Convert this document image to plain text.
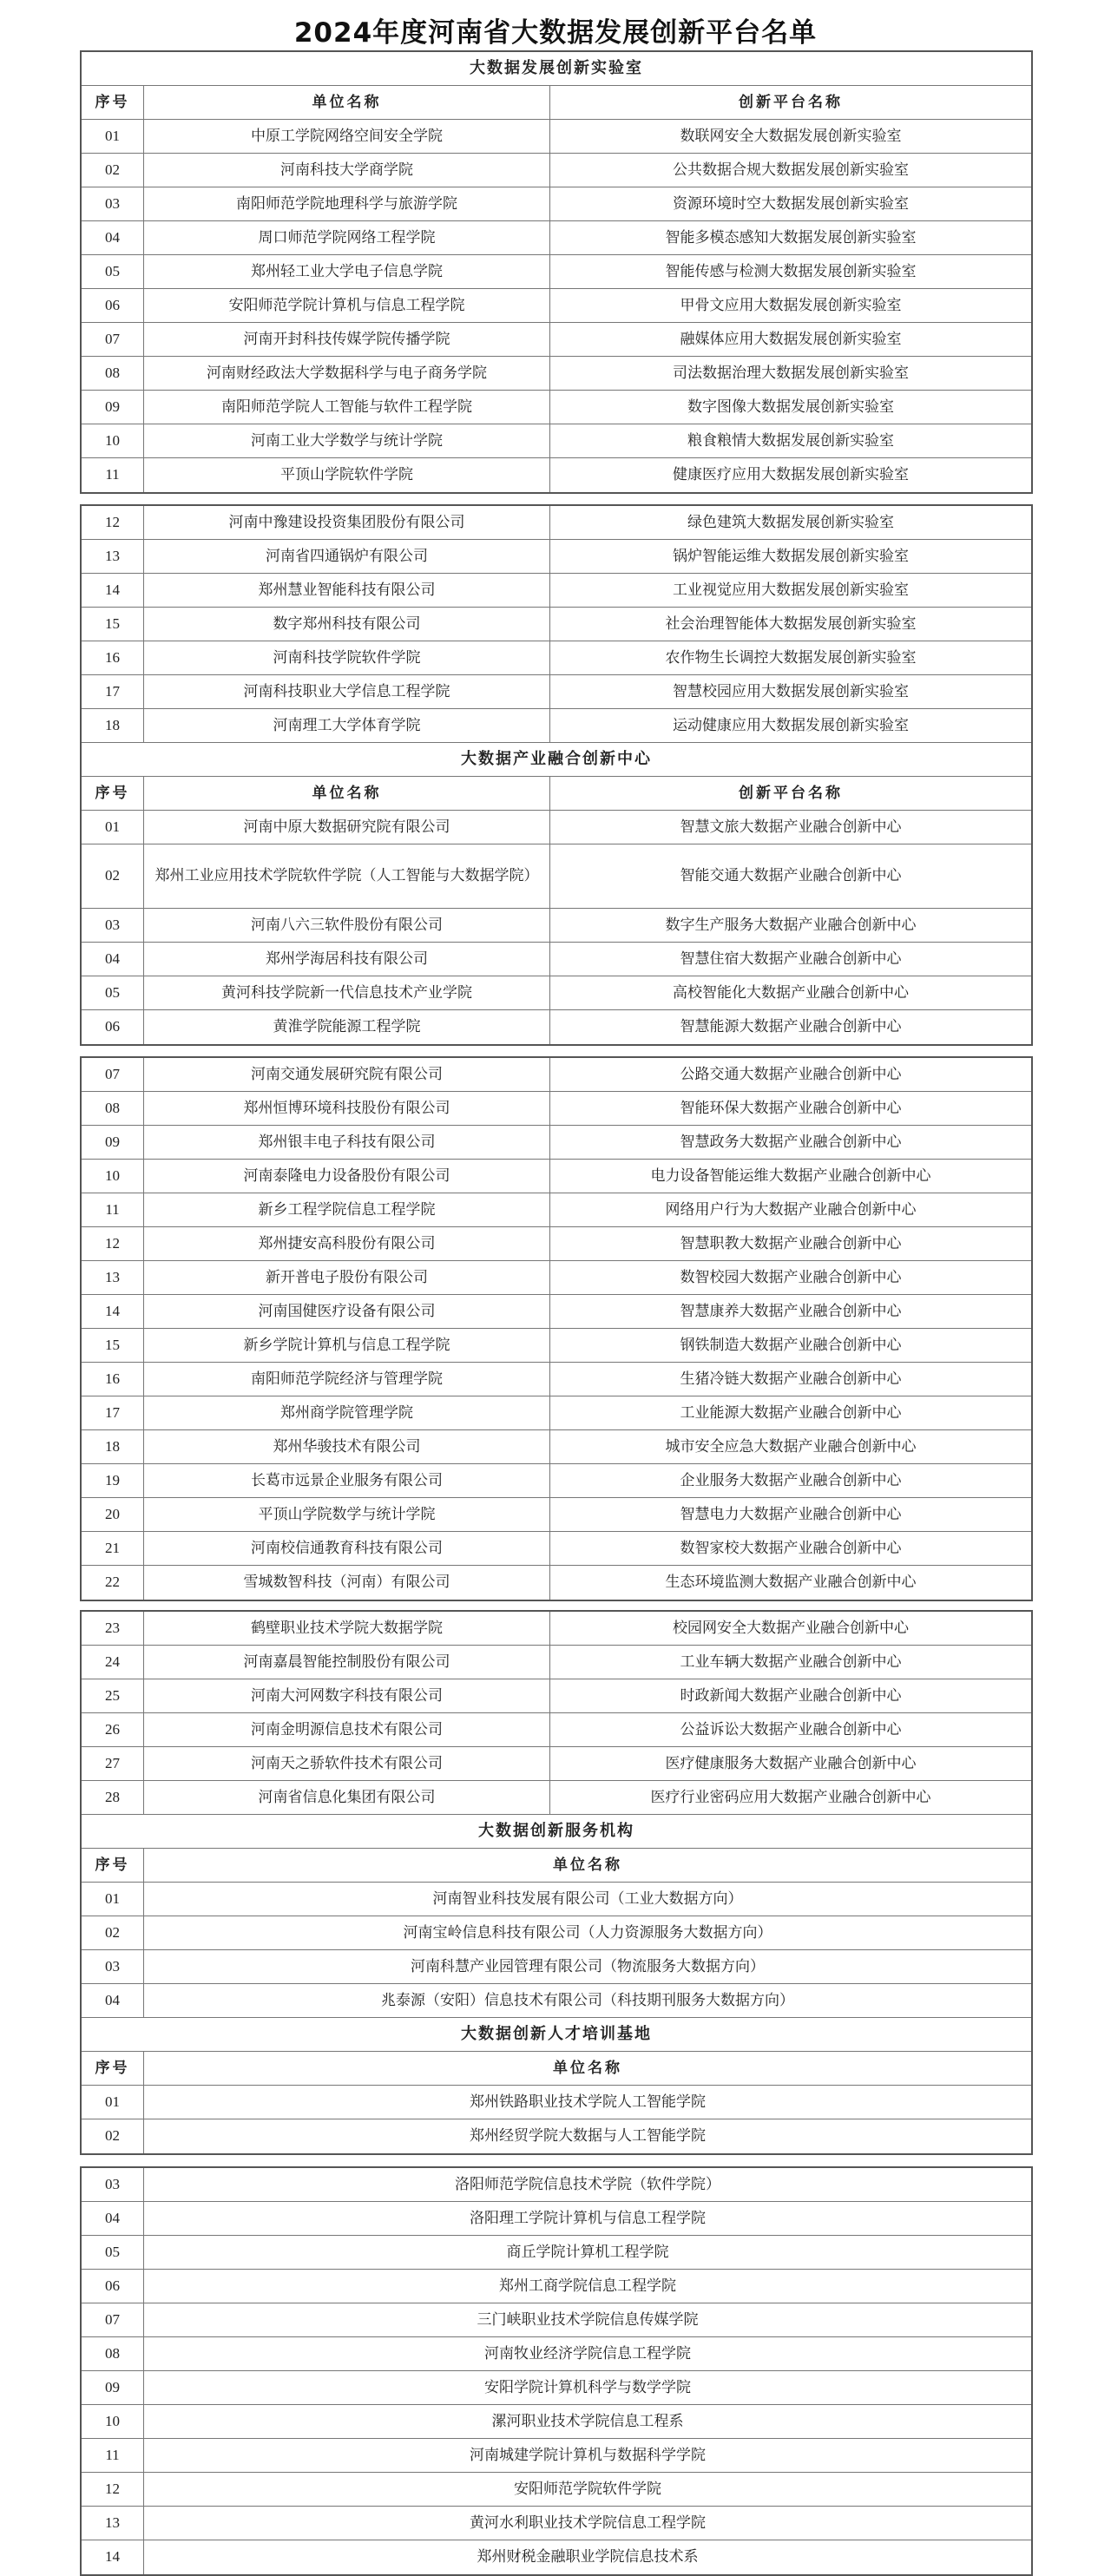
2024年度河南省大数据发展创新平台名单
大数据发展创新实验室
序号	单位名称	创新平台名称
01	中原工学院网络空间安全学院	数联网安全大数据发展创新实验室
02	河南科技大学商学院	公共数据合规大数据发展创新实验室
03	南阳师范学院地理科学与旅游学院	资源环境时空大数据发展创新实验室
04	周口师范学院网络工程学院	智能多模态感知大数据发展创新实验室
05	郑州轻工业大学电子信息学院	智能传感与检测大数据发展创新实验室
06	安阳师范学院计算机与信息工程学院	甲骨文应用大数据发展创新实验室
07	河南开封科技传媒学院传播学院	融媒体应用大数据发展创新实验室
08	河南财经政法大学数据科学与电子商务学院	司法数据治理大数据发展创新实验室
09	南阳师范学院人工智能与软件工程学院	数字图像大数据发展创新实验室
10	河南工业大学数学与统计学院	粮食粮情大数据发展创新实验室
11	平顶山学院软件学院	健康医疗应用大数据发展创新实验室
12	河南中豫建设投资集团股份有限公司	绿色建筑大数据发展创新实验室
13	河南省四通锅炉有限公司	锅炉智能运维大数据发展创新实验室
14	郑州慧业智能科技有限公司	工业视觉应用大数据发展创新实验室
15	数字郑州科技有限公司	社会治理智能体大数据发展创新实验室
16	河南科技学院软件学院	农作物生长调控大数据发展创新实验室
17	河南科技职业大学信息工程学院	智慧校园应用大数据发展创新实验室
18	河南理工大学体育学院	运动健康应用大数据发展创新实验室
大数据产业融合创新中心
序号	单位名称	创新平台名称
01	河南中原大数据研究院有限公司	智慧文旅大数据产业融合创新中心
02	郑州工业应用技术学院软件学院（人工智能与大数据学院）	智能交通大数据产业融合创新中心
03	河南八六三软件股份有限公司	数字生产服务大数据产业融合创新中心
04	郑州学海居科技有限公司	智慧住宿大数据产业融合创新中心
05	黄河科技学院新一代信息技术产业学院	高校智能化大数据产业融合创新中心
06	黄淮学院能源工程学院	智慧能源大数据产业融合创新中心
07	河南交通发展研究院有限公司	公路交通大数据产业融合创新中心
08	郑州恒博环境科技股份有限公司	智能环保大数据产业融合创新中心
09	郑州银丰电子科技有限公司	智慧政务大数据产业融合创新中心
10	河南泰隆电力设备股份有限公司	电力设备智能运维大数据产业融合创新中心
11	新乡工程学院信息工程学院	网络用户行为大数据产业融合创新中心
12	郑州捷安高科股份有限公司	智慧职教大数据产业融合创新中心
13	新开普电子股份有限公司	数智校园大数据产业融合创新中心
14	河南国健医疗设备有限公司	智慧康养大数据产业融合创新中心
15	新乡学院计算机与信息工程学院	钢铁制造大数据产业融合创新中心
16	南阳师范学院经济与管理学院	生猪冷链大数据产业融合创新中心
17	郑州商学院管理学院	工业能源大数据产业融合创新中心
18	郑州华骏技术有限公司	城市安全应急大数据产业融合创新中心
19	长葛市远景企业服务有限公司	企业服务大数据产业融合创新中心
20	平顶山学院数学与统计学院	智慧电力大数据产业融合创新中心
21	河南校信通教育科技有限公司	数智家校大数据产业融合创新中心
22	雪城数智科技（河南）有限公司	生态环境监测大数据产业融合创新中心
23	鹤壁职业技术学院大数据学院	校园网安全大数据产业融合创新中心
24	河南嘉晨智能控制股份有限公司	工业车辆大数据产业融合创新中心
25	河南大河网数字科技有限公司	时政新闻大数据产业融合创新中心
26	河南金明源信息技术有限公司	公益诉讼大数据产业融合创新中心
27	河南天之骄软件技术有限公司	医疗健康服务大数据产业融合创新中心
28	河南省信息化集团有限公司	医疗行业密码应用大数据产业融合创新中心
大数据创新服务机构
序号	单位名称
01	河南智业科技发展有限公司（工业大数据方向）
02	河南宝岭信息科技有限公司（人力资源服务大数据方向）
03	河南科慧产业园管理有限公司（物流服务大数据方向）
04	兆泰源（安阳）信息技术有限公司（科技期刊服务大数据方向）
大数据创新人才培训基地
序号	单位名称
01	郑州铁路职业技术学院人工智能学院
02	郑州经贸学院大数据与人工智能学院
03	洛阳师范学院信息技术学院（软件学院）
04	洛阳理工学院计算机与信息工程学院
05	商丘学院计算机工程学院
06	郑州工商学院信息工程学院
07	三门峡职业技术学院信息传媒学院
08	河南牧业经济学院信息工程学院
09	安阳学院计算机科学与数学学院
10	漯河职业技术学院信息工程系
11	河南城建学院计算机与数据科学学院
12	安阳师范学院软件学院
13	黄河水利职业技术学院信息工程学院
14	郑州财税金融职业学院信息技术系
